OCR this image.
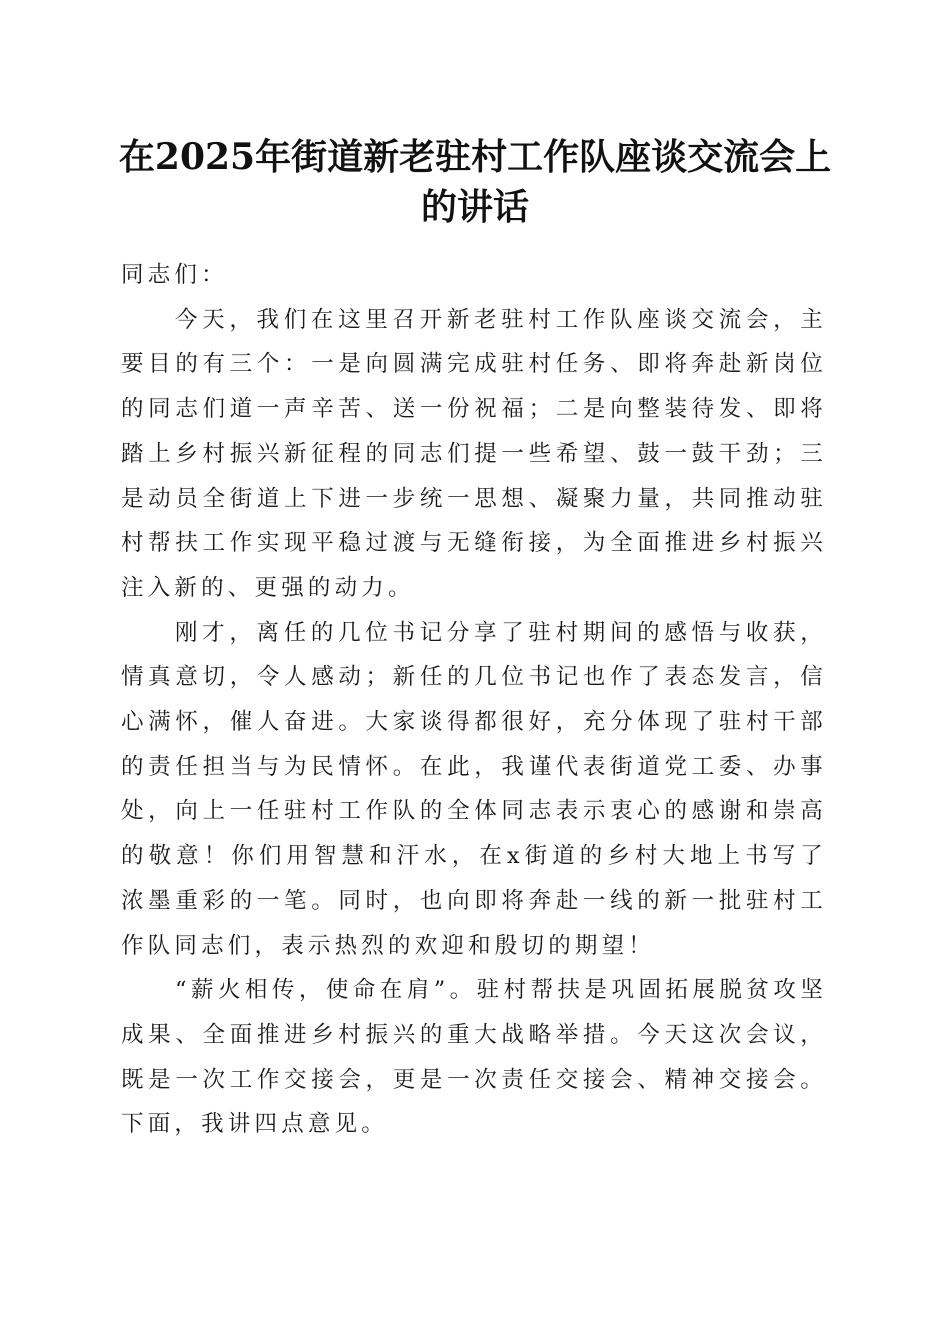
在2025年街道新老驻村工作队座谈交流会上的讲话

同志们：

今天，我们在这里召开新老驻村工作队座谈交流会，主要目的有三个：一是向圆满完成驻村任务、即将奔赴新岗位的同志们道一声辛苦、送一份祝福；二是向整装待发、即将踏上乡村振兴新征程的同志们提一些希望、鼓一鼓干劲；三是动员全街道上下进一步统一思想、凝聚力量，共同推动驻村帮扶工作实现平稳过渡与无缝衔接，为全面推进乡村振兴注入新的、更强的动力。

刚才，离任的几位书记分享了驻村期间的感悟与收获，情真意切，令人感动；新任的几位书记也作了表态发言，信心满怀，催人奋进。大家谈得都很好，充分体现了驻村干部的责任担当与为民情怀。在此，我谨代表街道党工委、办事处，向上一任驻村工作队的全体同志表示衷心的感谢和崇高的敬意！你们用智慧和汗水，在x街道的乡村大地上书写了浓墨重彩的一笔。同时，也向即将奔赴一线的新一批驻村工作队同志们，表示热烈的欢迎和殷切的期望！

“薪火相传，使命在肩”。驻村帮扶是巩固拓展脱贫攻坚成果、全面推进乡村振兴的重大战略举措。今天这次会议，既是一次工作交接会，更是一次责任交接会、精神交接会。下面，我讲四点意见。
